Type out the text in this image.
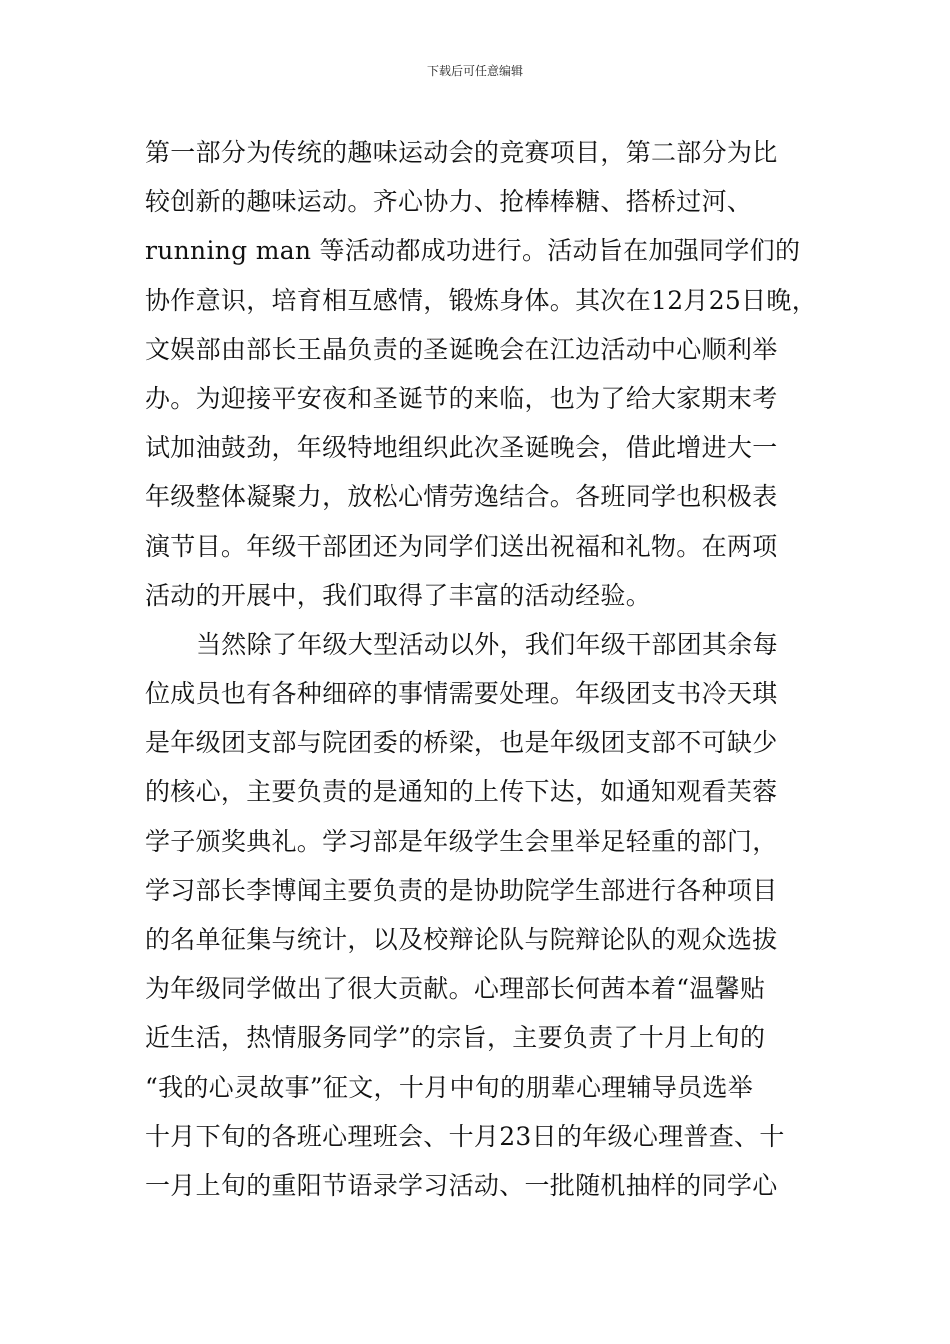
下载后可任意编辑
第一部分为传统的趣味运动会的竞赛项目，第二部分为比
较创新的趣味运动。齐心协力、抢棒棒糖、搭桥过河、
running man 等活动都成功进行。活动旨在加强同学们的
协作意识，培育相互感情，锻炼身体。其次在12月25日晚，
文娱部由部长王晶负责的圣诞晚会在江边活动中心顺利举
办。为迎接平安夜和圣诞节的来临，也为了给大家期末考
试加油鼓劲，年级特地组织此次圣诞晚会，借此增进大一
年级整体凝聚力，放松心情劳逸结合。各班同学也积极表
演节目。年级干部团还为同学们送出祝福和礼物。在两项
活动的开展中，我们取得了丰富的活动经验。
当然除了年级大型活动以外，我们年级干部团其余每
位成员也有各种细碎的事情需要处理。年级团支书冷天琪
是年级团支部与院团委的桥梁，也是年级团支部不可缺少
的核心，主要负责的是通知的上传下达，如通知观看芙蓉
学子颁奖典礼。学习部是年级学生会里举足轻重的部门，
学习部长李博闻主要负责的是协助院学生部进行各种项目
的名单征集与统计，以及校辩论队与院辩论队的观众选拔
为年级同学做出了很大贡献。心理部长何茜本着“温馨贴
近生活，热情服务同学”的宗旨，主要负责了十月上旬的
“我的心灵故事”征文，十月中旬的朋辈心理辅导员选举
十月下旬的各班心理班会、十月23日的年级心理普查、十
一月上旬的重阳节语录学习活动、一批随机抽样的同学心
